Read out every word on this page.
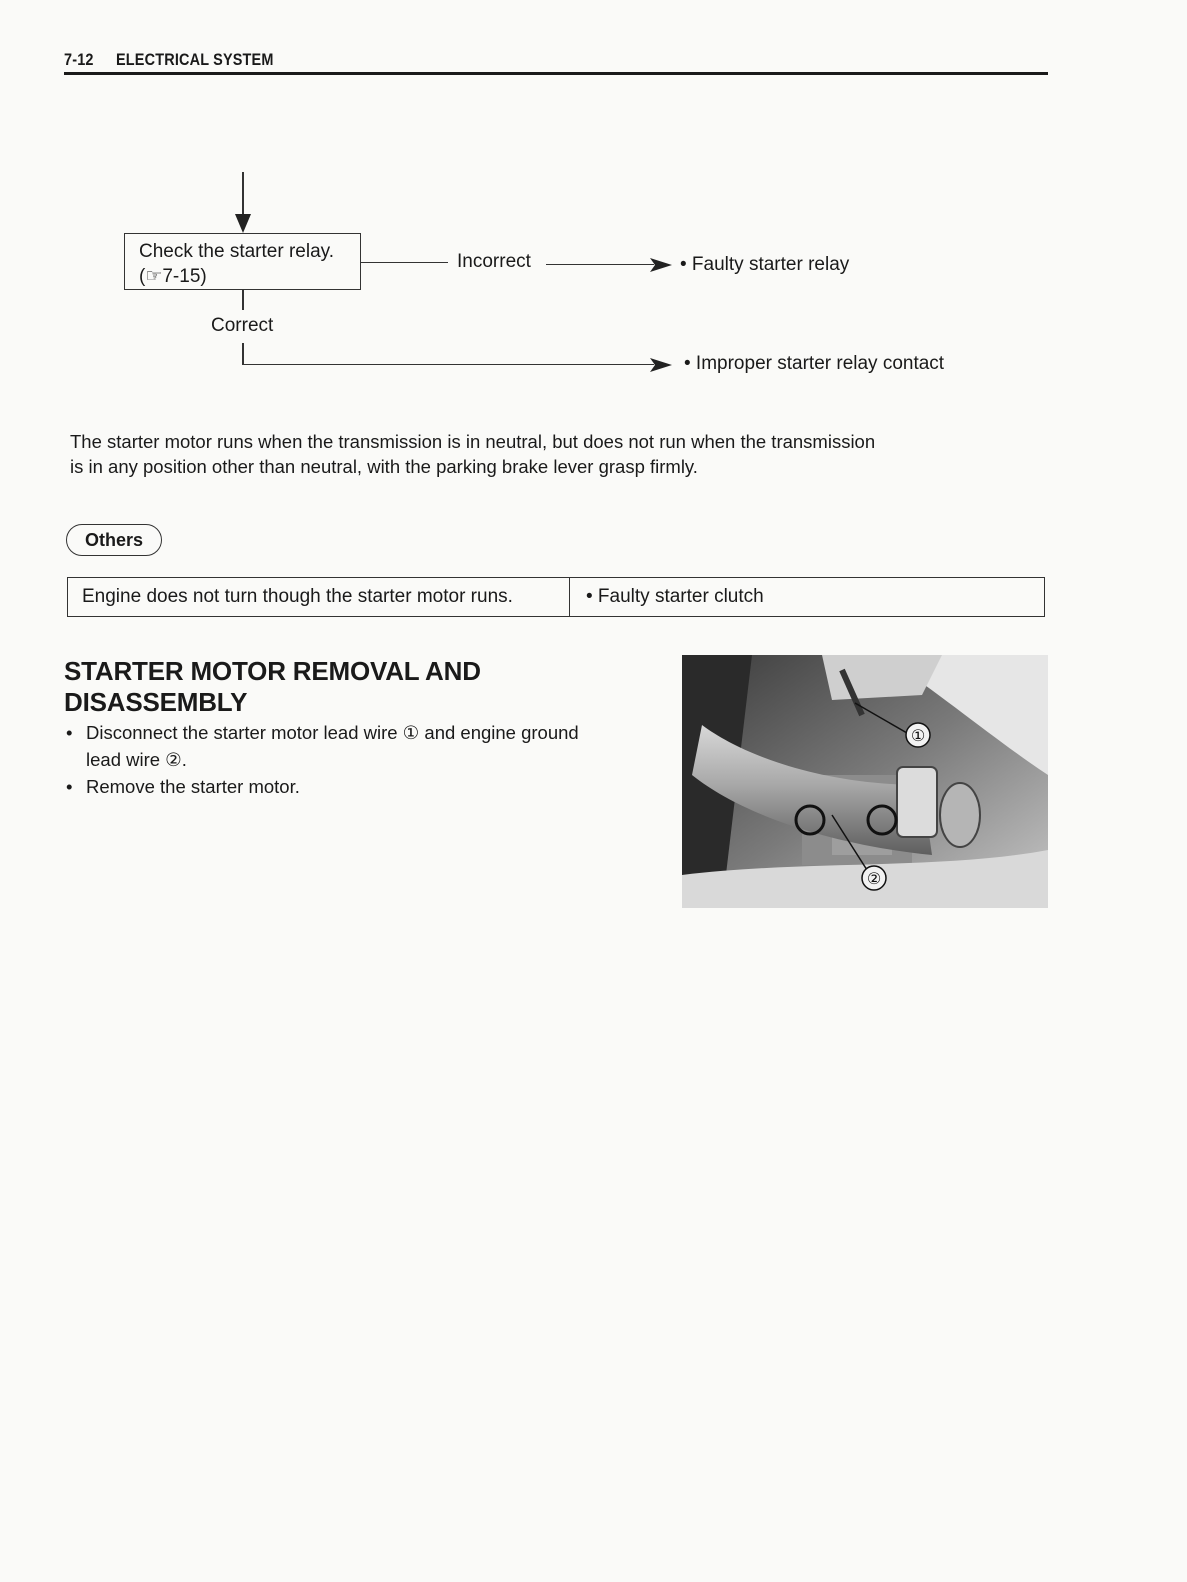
7-12 ELECTRICAL SYSTEM
Check the starter relay.
(☞7-15)
Incorrect	• Faulty starter relay
Correct
• Improper starter relay contact
The starter motor runs when the transmission is in neutral, but does not run when the transmission
is in any position other than neutral, with the parking brake lever grasp firmly.
Others
Engine does not turn though the starter motor runs.	• Faulty starter clutch
STARTER MOTOR REMOVAL AND
DISASSEMBLY
• Disconnect the starter motor lead wire ① and engine ground
lead wire ②.
• Remove the starter motor.
①
②
